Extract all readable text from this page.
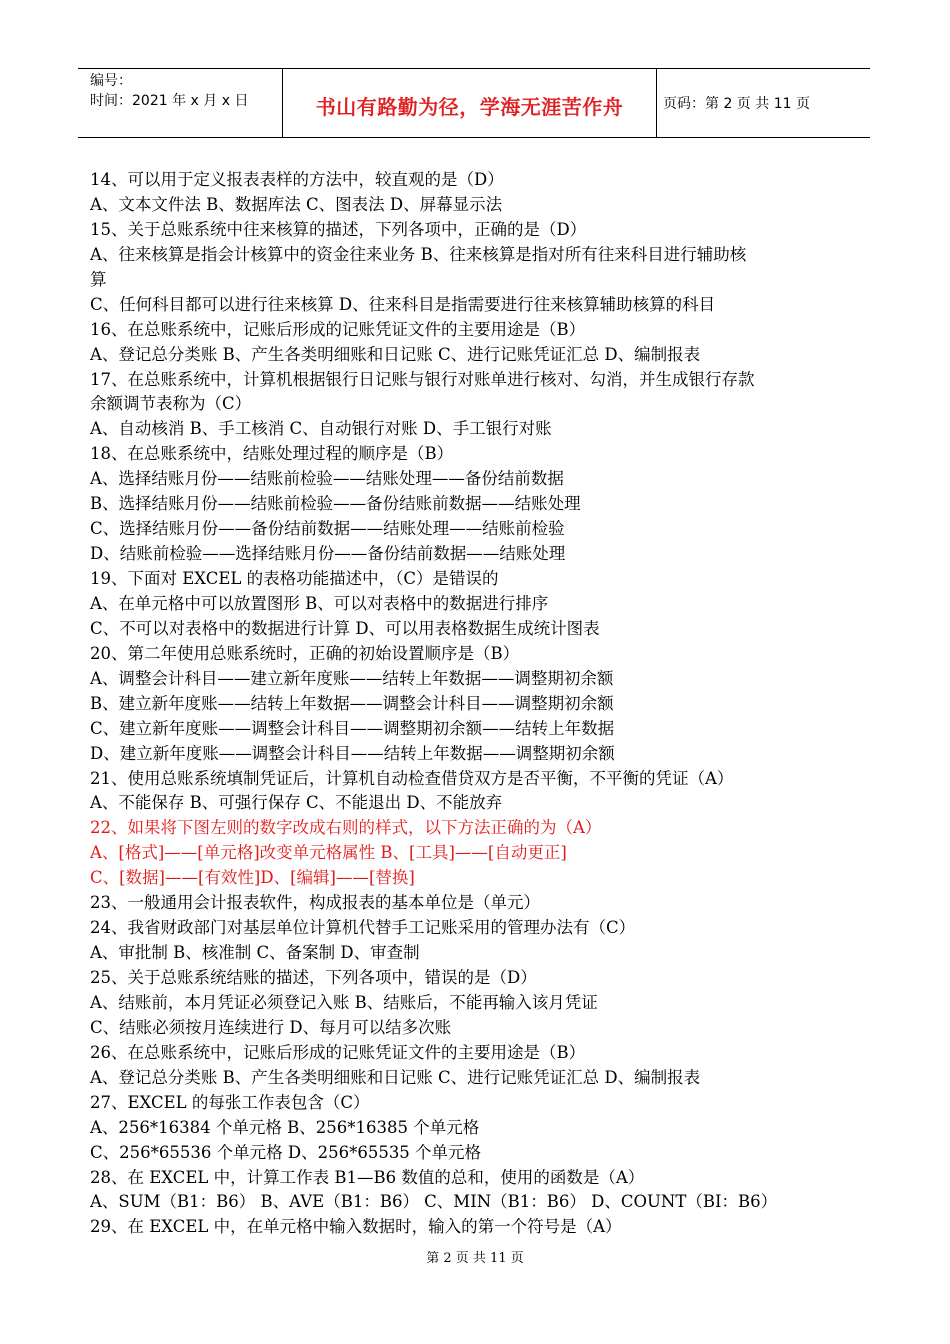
编号：
时间：2021 年 x 月 x 日	书山有路勤为径，学海无涯苦作舟	页码：第 2 页 共 11 页
14、可以用于定义报表表样的方法中，较直观的是（D）
A、文本文件法 B、数据库法 C、图表法 D、屏幕显示法
15、关于总账系统中往来核算的描述，下列各项中，正确的是（D）
A、往来核算是指会计核算中的资金往来业务 B、往来核算是指对所有往来科目进行辅助核
算
C、任何科目都可以进行往来核算 D、往来科目是指需要进行往来核算辅助核算的科目
16、在总账系统中，记账后形成的记账凭证文件的主要用途是（B）
A、登记总分类账 B、产生各类明细账和日记账 C、进行记账凭证汇总 D、编制报表
17、在总账系统中，计算机根据银行日记账与银行对账单进行核对、勾消，并生成银行存款
余额调节表称为（C）
A、自动核消 B、手工核消 C、自动银行对账 D、手工银行对账
18、在总账系统中，结账处理过程的顺序是（B）
A、选择结账月份——结账前检验——结账处理——备份结前数据
B、选择结账月份——结账前检验——备份结账前数据——结账处理
C、选择结账月份——备份结前数据——结账处理——结账前检验
D、结账前检验——选择结账月份——备份结前数据——结账处理
19、下面对 EXCEL 的表格功能描述中，（C）是错误的
A、在单元格中可以放置图形 B、可以对表格中的数据进行排序
C、不可以对表格中的数据进行计算 D、可以用表格数据生成统计图表
20、第二年使用总账系统时，正确的初始设置顺序是（B）
A、调整会计科目——建立新年度账——结转上年数据——调整期初余额
B、建立新年度账——结转上年数据——调整会计科目——调整期初余额
C、建立新年度账——调整会计科目——调整期初余额——结转上年数据
D、建立新年度账——调整会计科目——结转上年数据——调整期初余额
21、使用总账系统填制凭证后，计算机自动检查借贷双方是否平衡，不平衡的凭证（A）
A、不能保存 B、可强行保存 C、不能退出 D、不能放弃
22、如果将下图左则的数字改成右则的样式，以下方法正确的为（A）
A、[格式]——[单元格]改变单元格属性 B、[工具]——[自动更正]
C、[数据]——[有效性]D、[编辑]——[替换]
23、一般通用会计报表软件，构成报表的基本单位是（单元）
24、我省财政部门对基层单位计算机代替手工记账采用的管理办法有（C）
A、审批制 B、核准制 C、备案制 D、审查制
25、关于总账系统结账的描述，下列各项中，错误的是（D）
A、结账前，本月凭证必须登记入账 B、结账后，不能再输入该月凭证
C、结账必须按月连续进行 D、每月可以结多次账
26、在总账系统中，记账后形成的记账凭证文件的主要用途是（B）
A、登记总分类账 B、产生各类明细账和日记账 C、进行记账凭证汇总 D、编制报表
27、EXCEL 的每张工作表包含（C）
A、256*16384 个单元格 B、256*16385 个单元格
C、256*65536 个单元格 D、256*65535 个单元格
28、在 EXCEL 中，计算工作表 B1—B6 数值的总和，使用的函数是（A）
A、SUM（B1：B6） B、AVE（B1：B6） C、MIN（B1：B6） D、COUNT（BI：B6）
29、在 EXCEL 中，在单元格中输入数据时，输入的第一个符号是（A）
第 2 页 共 11 页
